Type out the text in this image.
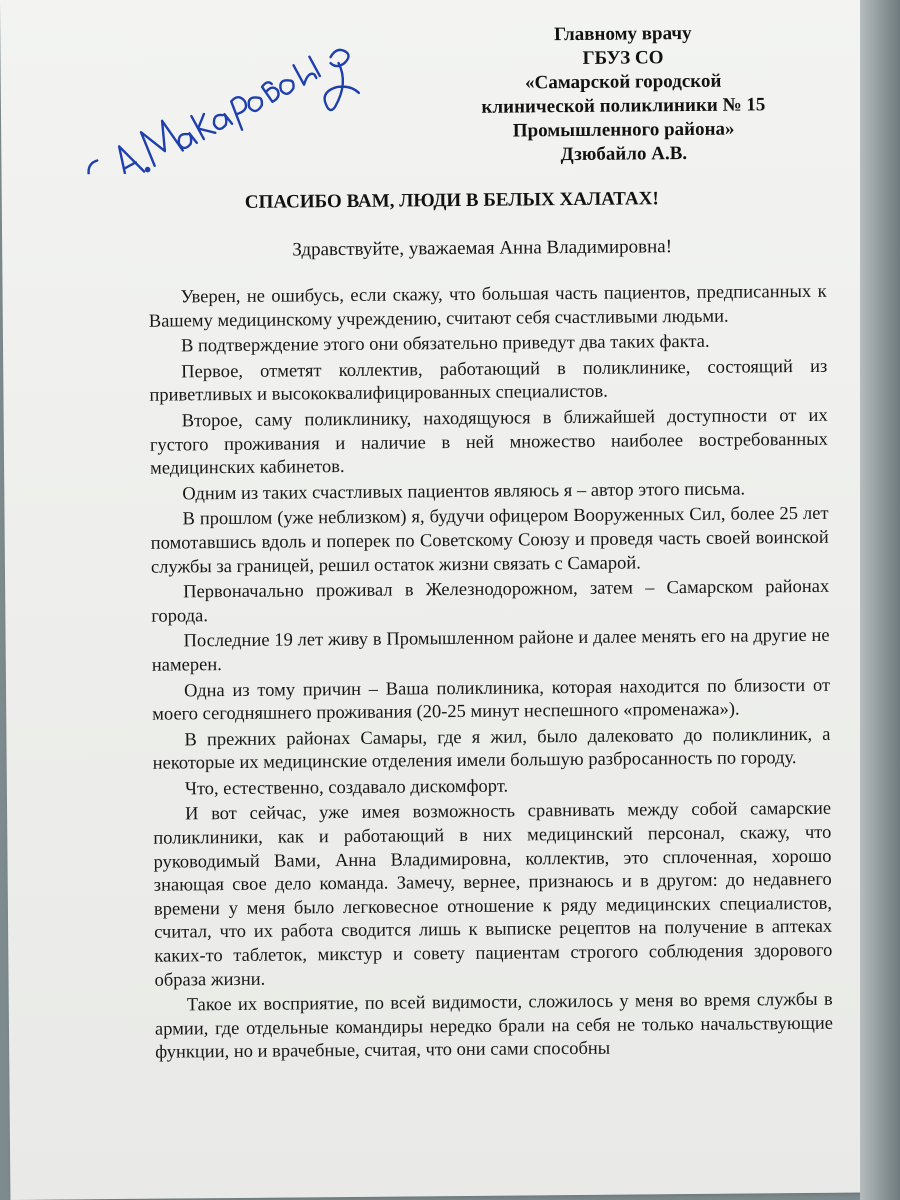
Главному врачу
ГБУЗ СО
«Самарской городской
клинической поликлиники № 15
Промышленного района»
Дзюбайло А.В.
СПАСИБО ВАМ, ЛЮДИ В БЕЛЫХ ХАЛАТАХ!
Здравствуйте, уважаемая Анна Владимировна!

Уверен, не ошибусь, если скажу, что большая часть пациентов, предписанных к Вашему медицинскому учреждению, считают себя счастливыми людьми.

В подтверждение этого они обязательно приведут два таких факта.

Первое, отметят коллектив, работающий в поликлинике, состоящий из приветливых и высококвалифицированных специалистов.

Второе, саму поликлинику, находящуюся в ближайшей доступности от их густого проживания и наличие в ней множество наиболее востребованных медицинских кабинетов.

Одним из таких счастливых пациентов являюсь я – автор этого письма.

В прошлом (уже неблизком) я, будучи офицером Вооруженных Сил, более 25 лет помотавшись вдоль и поперек по Советскому Союзу и проведя часть своей воинской службы за границей, решил остаток жизни связать с Самарой.

Первоначально проживал в Железнодорожном, затем – Самарском районах города.

Последние 19 лет живу в Промышленном районе и далее менять его на другие не намерен.

Одна из тому причин – Ваша поликлиника, которая находится по близости от моего сегодняшнего проживания (20-25 минут неспешного «променажа»).

В прежних районах Самары, где я жил, было далековато до поликлиник, а некоторые их медицинские отделения имели большую разбросанность по городу.

Что, естественно, создавало дискомфорт.

И вот сейчас, уже имея возможность сравнивать между собой самарские поликлиники, как и работающий в них медицинский персонал, скажу, что руководимый Вами, Анна Владимировна, коллектив, это сплоченная, хорошо знающая свое дело команда. Замечу, вернее, признаюсь и в другом: до недавнего времени у меня было легковесное отношение к ряду медицинских специалистов, считал, что их работа сводится лишь к выписке рецептов на получение в аптеках каких-то таблеток, микстур и совету пациентам строгого соблюдения здорового образа жизни.

Такое их восприятие, по всей видимости, сложилось у меня во время службы в армии, где отдельные командиры нередко брали на себя не только начальствующие функции, но и врачебные, считая, что они сами способны
